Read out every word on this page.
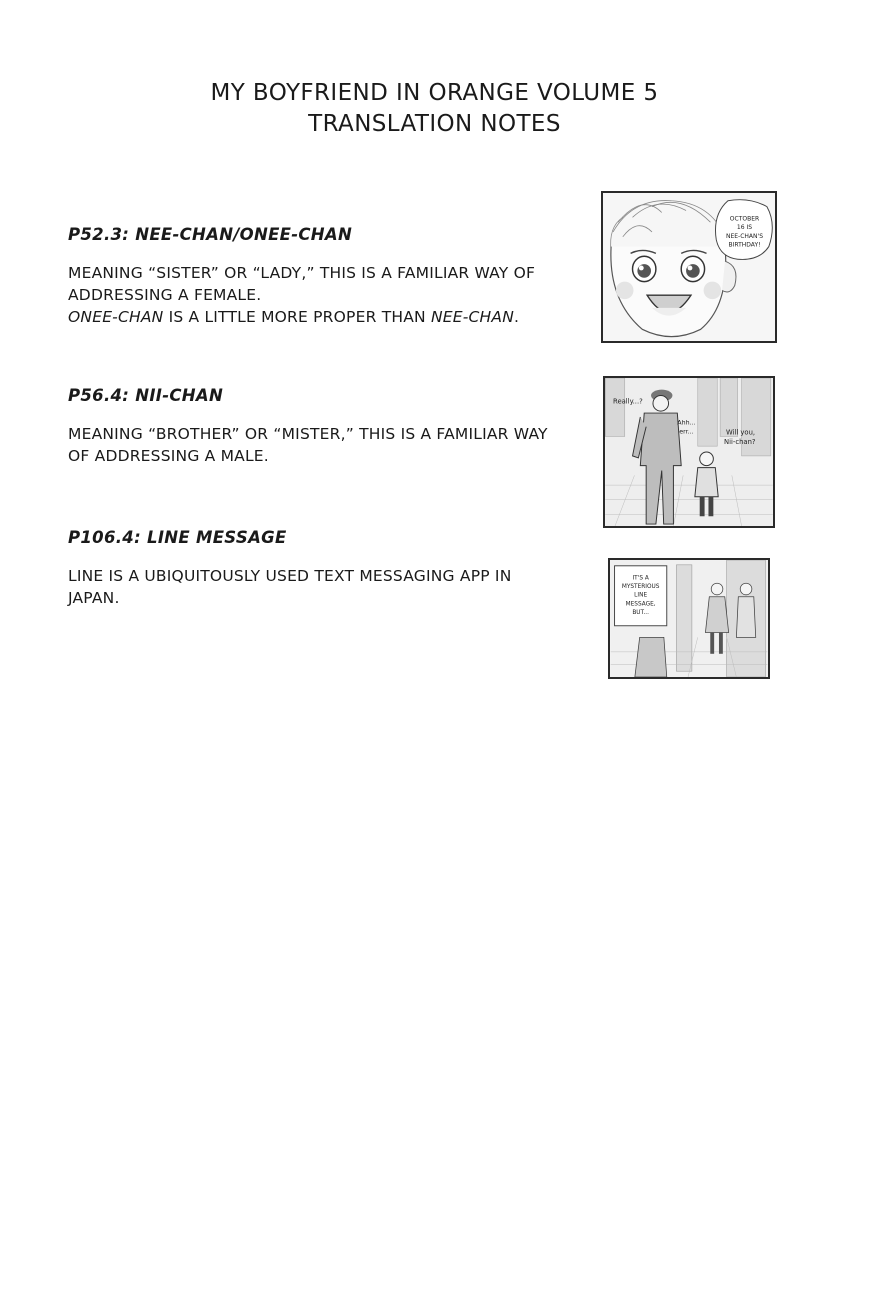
MY BOYFRIEND IN ORANGE VOLUME 5
TRANSLATION NOTES
P52.3: NEE-CHAN/ONEE-CHAN

MEANING “SISTER” OR “LADY,” THIS IS A FAMILIAR WAY OF
ADDRESSING A FEMALE.
ONEE-CHAN IS A LITTLE MORE PROPER THAN NEE-CHAN.

OCTOBER
16 IS
NEE-CHAN'S
BIRTHDAY!
P56.4: NII-CHAN

MEANING “BROTHER” OR “MISTER,” THIS IS A FAMILIAR WAY
OF ADDRESSING A MALE.

Really...?
Ahh...
err...	Will you,
Nii-chan?
P106.4: LINE MESSAGE

LINE IS A UBIQUITOUSLY USED TEXT MESSAGING APP IN
JAPAN.

IT'S A
MYSTERIOUS
LINE
MESSAGE,
BUT...
